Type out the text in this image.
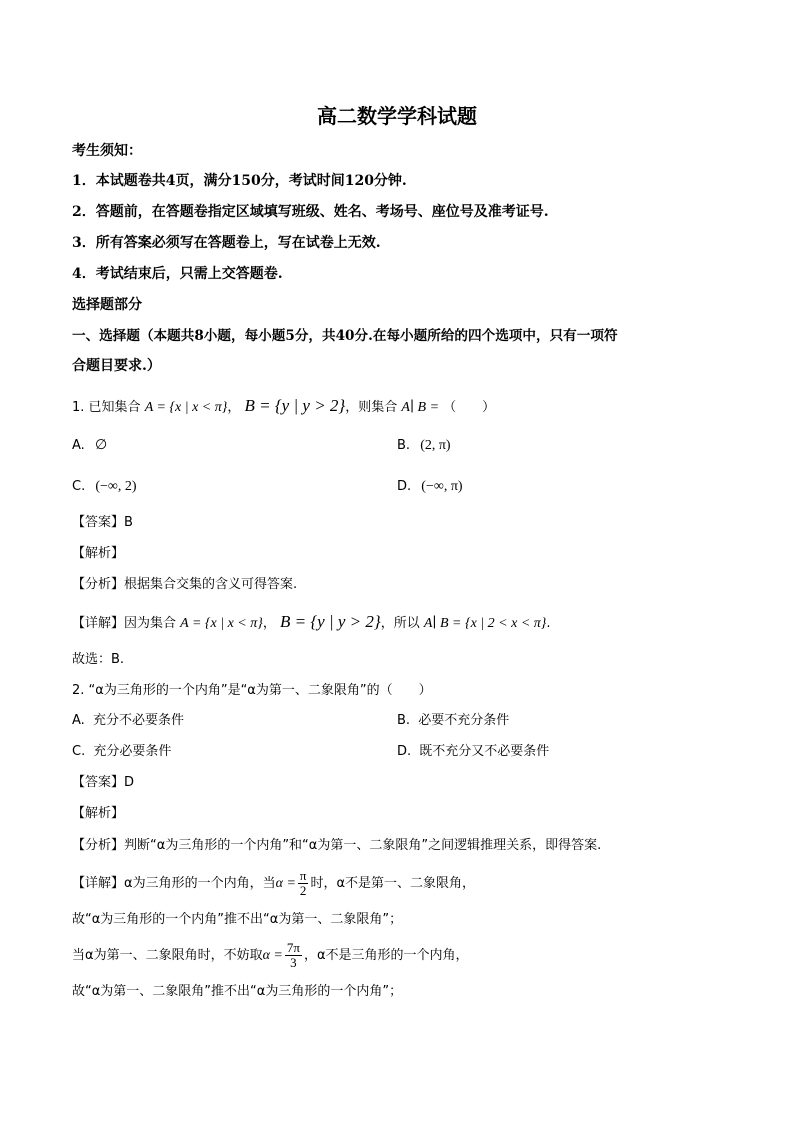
高二数学学科试题
考生须知：
1．本试题卷共4页，满分150分，考试时间120分钟.
2．答题前，在答题卷指定区域填写班级、姓名、考场号、座位号及准考证号.
3．所有答案必须写在答题卷上，写在试卷上无效.
4．考试结束后，只需上交答题卷.
选择题部分
一、选择题（本题共8小题，每小题5分，共40分.在每小题所给的四个选项中，只有一项符
合题目要求.）
1. 已知集合 A = {x | x < π}， B = {y | y > 2}，则集合 A∣ B = （　　）
A. ∅	B. (2, π)
C. (−∞, 2)	D. (−∞, π)
【答案】B
【解析】
【分析】根据集合交集的含义可得答案.
【详解】因为集合 A = {x | x < π}， B = {y | y > 2}，所以 A∣ B = {x | 2 < x < π}.
故选：B.
2. “α为三角形的一个内角”是“α为第一、二象限角”的（　　）
A. 充分不必要条件	B. 必要不充分条件
C. 充分必要条件	D. 既不充分又不必要条件
【答案】D
【解析】
【分析】判断“α为三角形的一个内角”和“α为第一、二象限角”之间逻辑推理关系，即得答案.
【详解】α为三角形的一个内角，当$\alpha = \frac{\pi}{2}$ 时，α不是第一、二象限角，
故“α为三角形的一个内角”推不出“α为第一、二象限角”；
当α为第一、二象限角时，不妨取$\alpha = \frac{7\pi}{3}$ ，α不是三角形的一个内角，
故“α为第一、二象限角”推不出“α为三角形的一个内角”；
